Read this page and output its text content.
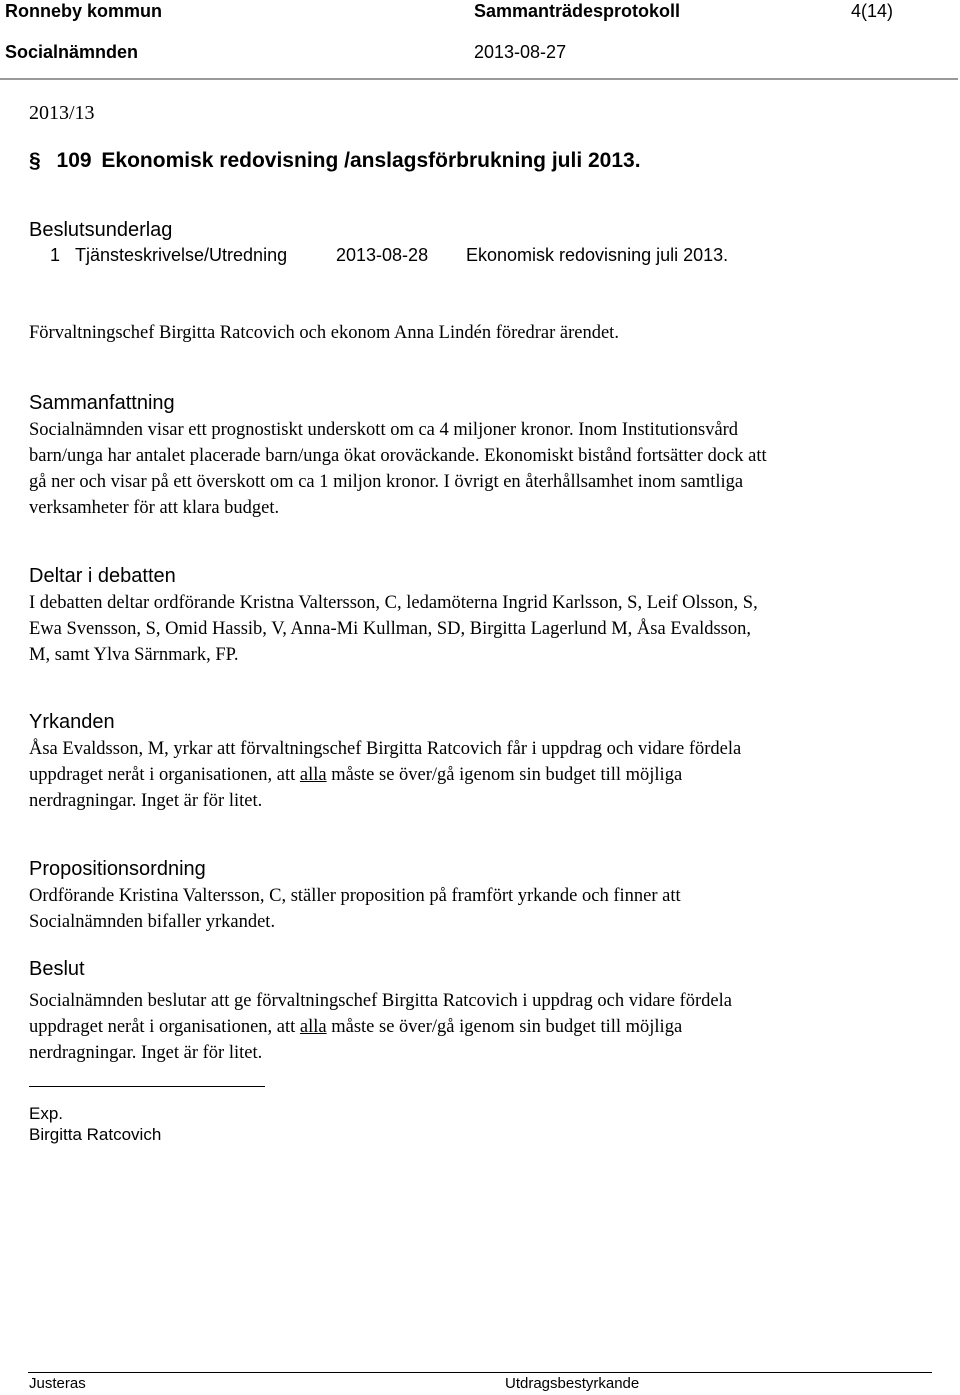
Ronneby kommun	Sammanträdesprotokoll	4(14)
Socialnämnden	2013-08-27
2013/13
§ 109 Ekonomisk redovisning /anslagsförbrukning juli 2013.
Beslutsunderlag
1 Tjänsteskrivelse/Utredning	2013-08-28 Ekonomisk redovisning juli 2013.
Förvaltningschef Birgitta Ratcovich och ekonom Anna Lindén föredrar ärendet.
Sammanfattning
Socialnämnden visar ett prognostiskt underskott om ca 4 miljoner kronor. Inom Institutionsvård
barn/unga har antalet placerade barn/unga ökat oroväckande. Ekonomiskt bistånd fortsätter dock att
gå ner och visar på ett överskott om ca 1 miljon kronor. I övrigt en återhållsamhet inom samtliga
verksamheter för att klara budget.
Deltar i debatten
I debatten deltar ordförande Kristna Valtersson, C, ledamöterna Ingrid Karlsson, S, Leif Olsson, S,
Ewa Svensson, S, Omid Hassib, V, Anna-Mi Kullman, SD, Birgitta Lagerlund M, Åsa Evaldsson,
M, samt Ylva Särnmark, FP.
Yrkanden
Åsa Evaldsson, M, yrkar att förvaltningschef Birgitta Ratcovich får i uppdrag och vidare fördela
uppdraget neråt i organisationen, att alla måste se över/gå igenom sin budget till möjliga
nerdragningar. Inget är för litet.
Propositionsordning
Ordförande Kristina Valtersson, C, ställer proposition på framfört yrkande och finner att
Socialnämnden bifaller yrkandet.
Beslut
Socialnämnden beslutar att ge förvaltningschef Birgitta Ratcovich i uppdrag och vidare fördela
uppdraget neråt i organisationen, att alla måste se över/gå igenom sin budget till möjliga
nerdragningar. Inget är för litet.
Exp.
Birgitta Ratcovich
Justeras	Utdragsbestyrkande
